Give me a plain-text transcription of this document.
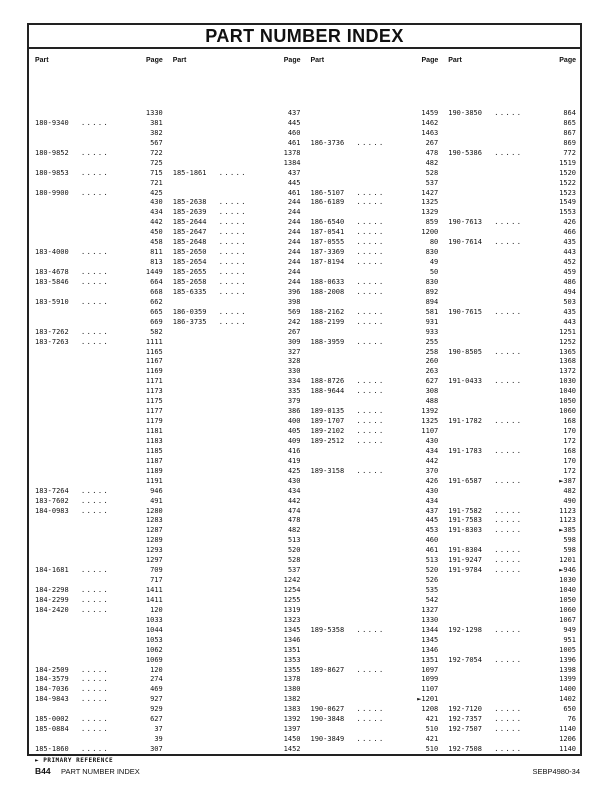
PART NUMBER INDEX
Part	Page
1330
180-9340 .....	381
382
567
180-9852 .....	722
725
180-9853 .....	715
721
180-9900 .....	425
430
434
442
450
458
183-4000 .....	811
813
183-4678 .....	1449
183-5846 .....	664
668
183-5910 .....	662
665
669
183-7262 .....	582
183-7263 .....	1111
1165
1167
1169
1171
1173
1175
1177
1179
1181
1183
1185
1187
1189
1191
183-7264 .....	946
183-7602 .....	491
184-0983 .....	1280
1283
1287
1289
1293
1297
184-1681 .....	709
717
184-2298 .....	1411
184-2299 .....	1411
184-2420 .....	120
1033
1044
1053
1062
1069
184-2509 .....	120
184-3579 .....	274
184-7036 .....	469
184-9843 .....	927
929
185-0002 .....	627
185-0884 .....	37
39
185-1860 .....	307
Part	Page
437
445
460
461
1378
1384
185-1861 .....	437
445
461
185-2638 .....	244
185-2639 .....	244
185-2644 .....	244
185-2647 .....	244
185-2648 .....	244
185-2650 .....	244
185-2654 .....	244
185-2655 .....	244
185-2658 .....	244
185-6335 .....	396
398
186-0359 .....	569
186-3735 .....	242
267
309
327
328
330
334
335
379
386
400
405
409
416
419
425
430
434
442
474
478
482
513
520
528
537
1242
1254
1255
1319
1323
1345
1346
1351
1353
1355
1378
1380
1382
1383
1392
1397
1450
1452
Part	Page
1459
1462
1463
186-3736 .....	267
478
482
528
537
186-5107 .....	1427
186-6189 .....	1325
1329
186-6540 .....	859
187-0541 .....	1200
187-0555 .....	80
187-3369 .....	830
187-8194 .....	49
50
188-0633 .....	830
188-2008 .....	892
894
188-2162 .....	581
188-2199 .....	931
933
188-3959 .....	255
258
260
263
188-8726 .....	627
188-9644 .....	308
488
189-0135 .....	1392
189-1707 .....	1325
189-2102 .....	1107
189-2512 .....	430
434
442
189-3158 .....	370
426
430
434
437
445
453
460
461
513
520
526
535
542
1327
1330
189-5358 .....	1344
1345
1346
1351
189-8627 .....	1097
1099
1107
►1201
190-0627 .....	1208
190-3848 .....	421
510
190-3849 .....	421
510
Part	Page
190-3850 .....	864
865
867
869
190-5386 .....	772
1519
1520
1522
1523
1549
1553
190-7613 .....	426
466
190-7614 .....	435
443
452
459
486
494
503
190-7615 .....	435
443
1251
1252
190-8505 .....	1365
1368
1372
191-0433 .....	1030
1040
1050
1060
191-1782 .....	168
170
172
191-1783 .....	168
170
172
191-6587 .....	►387
482
490
191-7582 .....	1123
191-7583 .....	1123
191-8303 .....	►385
598
191-8304 .....	598
191-9247 .....	1201
191-9784 .....	►946
1030
1040
1050
1060
1067
192-1298 .....	949
951
1005
192-7054 .....	1396
1398
1399
1400
1402
192-7120 .....	650
192-7357 .....	76
192-7507 .....	1140
1206
192-7508 .....	1140
► PRIMARY REFERENCE
B44 PART NUMBER INDEX	SEBP4980-34
